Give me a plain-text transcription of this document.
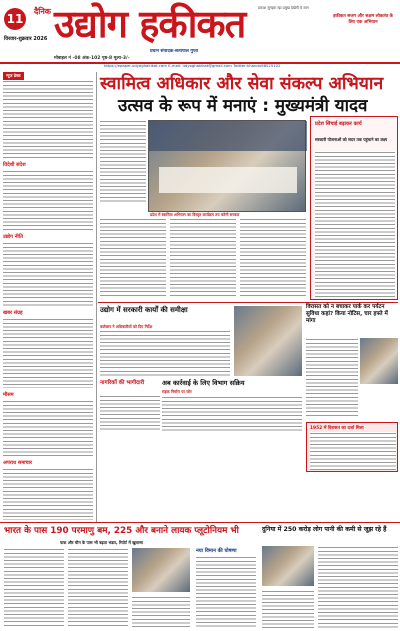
11
दैनिक उद्योग हकीकत
विरवार-शुक्रवार 2026
प्रकाश सुनहरा रहा प्रमुख देखेगी ये जान
हकीकत सजग और सक्षम लोकतंत्र के लिए एक अभियान
प्रधान संपादक-सत्यपाल गुप्ता
मोबाइल नं -08 अंक-102 पृष्ठ-8 मूल्य-3/-
https://epaper.udyoghakikat.com E-mail: udyoghakikat@gmail.com Twitter:khandu98525102
न्यूज डेस्क
विदेशी संदेश
उद्योग नीति
खबर संग्रह
मौसम
अपराध समाचार
स्वामित्व अधिकार और सेवा संकल्प अभियान
उत्सव के रूप में मनाएं : मुख्यमंत्री यादव
प्रदेश में स्वामित्व अभियान का विस्तृत कार्यक्रम तय करेगी सरकार
प्रदेश सिंचाई बढ़ाकर कार्य
सरकारी योजनाओं को सदन तक पहुंचाने का लक्ष्य
उद्योग में सरकारी कार्यों की समीक्षा
कलेक्टर ने अधिकारियों को दिए निर्देश
नागरिकों की भागीदारी	अब कार्रवाई के लिए विभाग सक्रिय
सड़क निर्माण पर जोर
विरासत को न बचाकर पार्क कर पर्यटन सुविधा कहां? किया नोटिस, चार हफ्ते में मांगा
1952 में विरासत का दर्जा मिला
भारत के पास 190 परमाणु बम, 225 और बनाने लायक प्लूटोनियम भी
पाक और चीन के पास भी बढ़ता भंडार, रिपोर्ट में खुलासा
नया विमान की घोषणा
दुनिया में 250 करोड़ लोग पानी की कमी से जूझ रहे हैं
